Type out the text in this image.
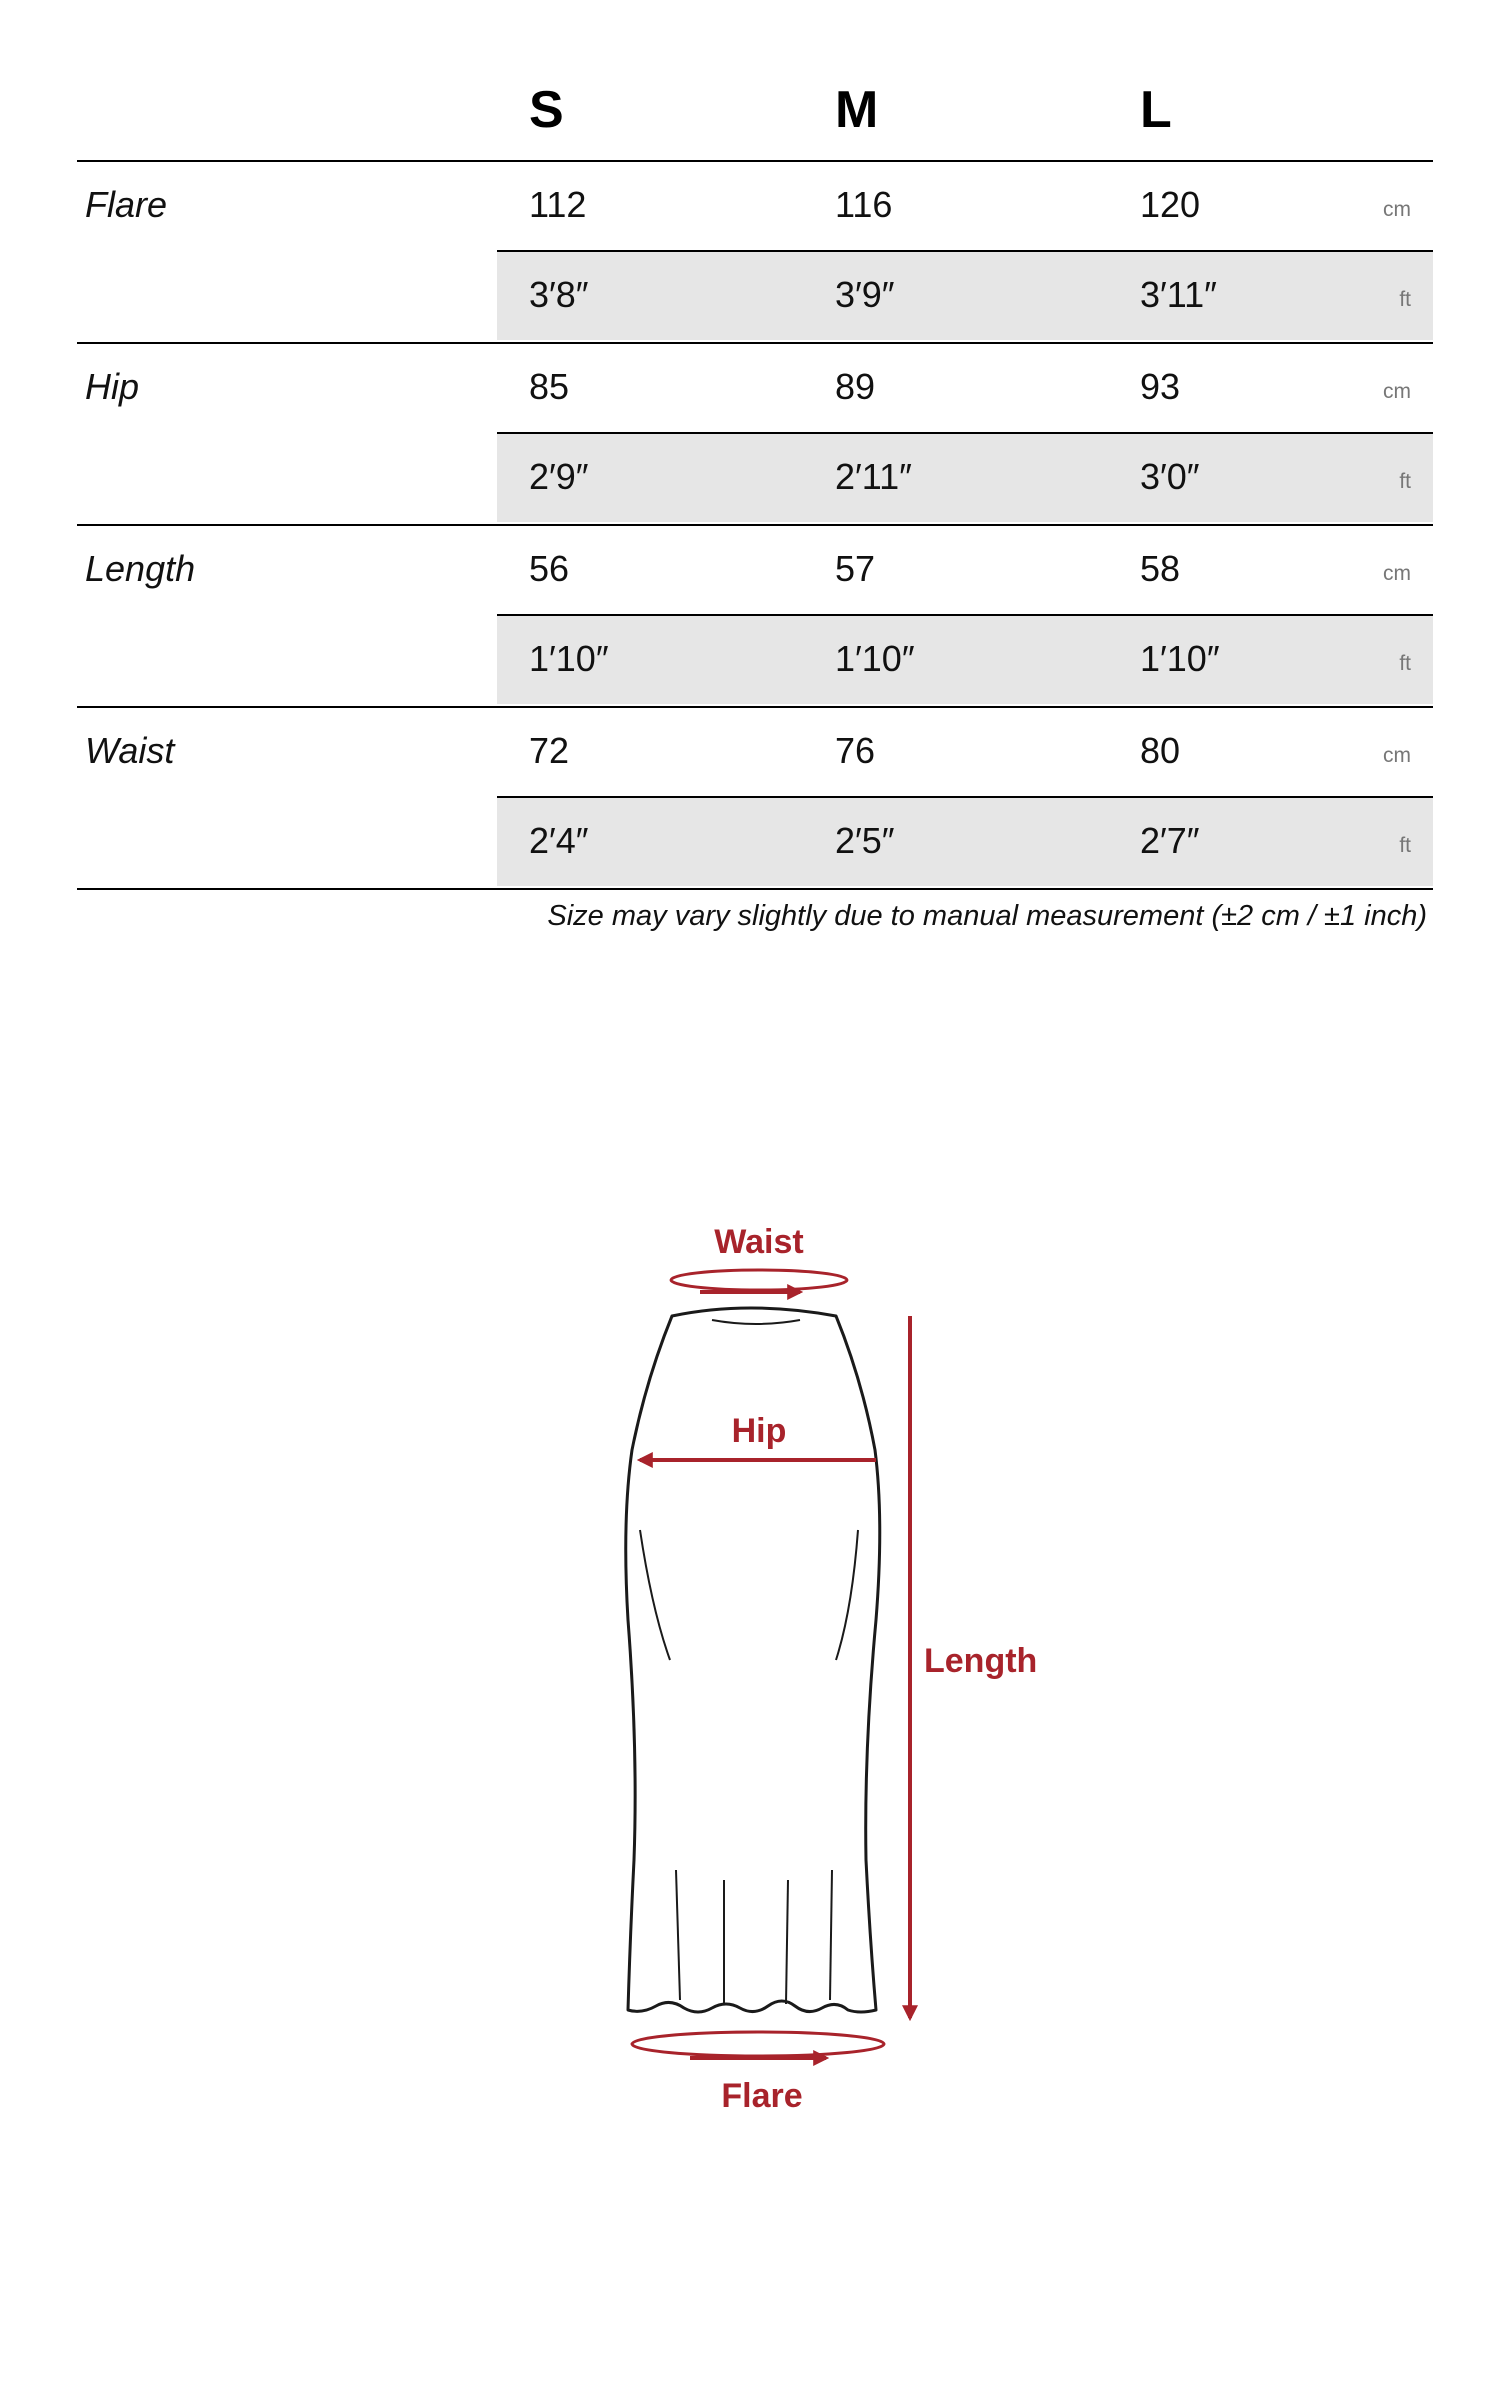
S	M	L
Flare	112	116	120	cm
3′8″	3′9″	3′11″	ft
Hip	85	89	93	cm
2′9″	2′11″	3′0″	ft
Length	56	57	58	cm
1′10″	1′10″	1′10″	ft
Waist	72	76	80	cm
2′4″	2′5″	2′7″	ft
Size may vary slightly due to manual measurement (±2 cm / ±1 inch)
Waist
Hip
Length
Flare
